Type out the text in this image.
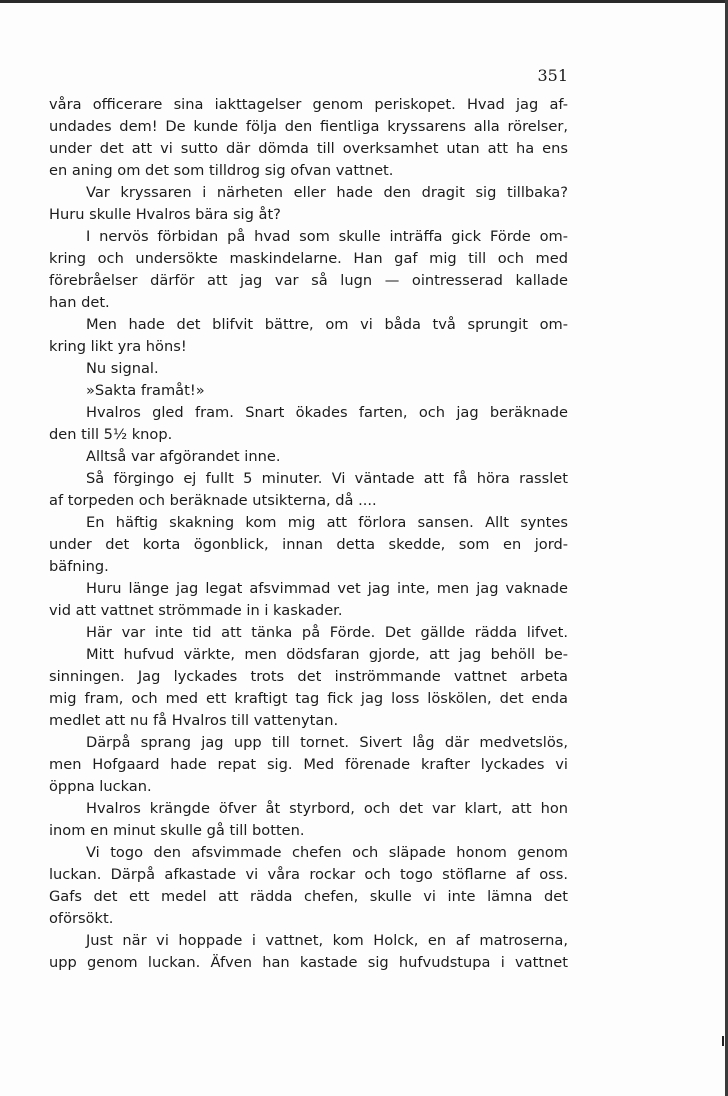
351
våra officerare sina iakttagelser genom periskopet. Hvad jag af-
undades dem! De kunde följa den fientliga kryssarens alla rörelser,
under det att vi sutto där dömda till overksamhet utan att ha ens
en aning om det som tilldrog sig ofvan vattnet.
Var kryssaren i närheten eller hade den dragit sig tillbaka?
Huru skulle Hvalros bära sig åt?
I nervös förbidan på hvad som skulle inträffa gick Förde om-
kring och undersökte maskindelarne. Han gaf mig till och med
förebråelser därför att jag var så lugn — ointresserad kallade
han det.
Men hade det blifvit bättre, om vi båda två sprungit om-
kring likt yra höns!
Nu signal.
»Sakta framåt!»
Hvalros gled fram. Snart ökades farten, och jag beräknade
den till 5½ knop.
Alltså var afgörandet inne.
Så förgingo ej fullt 5 minuter. Vi väntade att få höra rasslet
af torpeden och beräknade utsikterna, då ....
En häftig skakning kom mig att förlora sansen. Allt syntes
under det korta ögonblick, innan detta skedde, som en jord-
bäfning.
Huru länge jag legat afsvimmad vet jag inte, men jag vaknade
vid att vattnet strömmade in i kaskader.
Här var inte tid att tänka på Förde. Det gällde rädda lifvet.
Mitt hufvud värkte, men dödsfaran gjorde, att jag behöll be-
sinningen. Jag lyckades trots det inströmmande vattnet arbeta
mig fram, och med ett kraftigt tag fick jag loss löskölen, det enda
medlet att nu få Hvalros till vattenytan.
Därpå sprang jag upp till tornet. Sivert låg där medvetslös,
men Hofgaard hade repat sig. Med förenade krafter lyckades vi
öppna luckan.
Hvalros krängde öfver åt styrbord, och det var klart, att hon
inom en minut skulle gå till botten.
Vi togo den afsvimmade chefen och släpade honom genom
luckan. Därpå afkastade vi våra rockar och togo stöflarne af oss.
Gafs det ett medel att rädda chefen, skulle vi inte lämna det
oförsökt.
Just när vi hoppade i vattnet, kom Holck, en af matroserna,
upp genom luckan. Äfven han kastade sig hufvudstupa i vattnet
